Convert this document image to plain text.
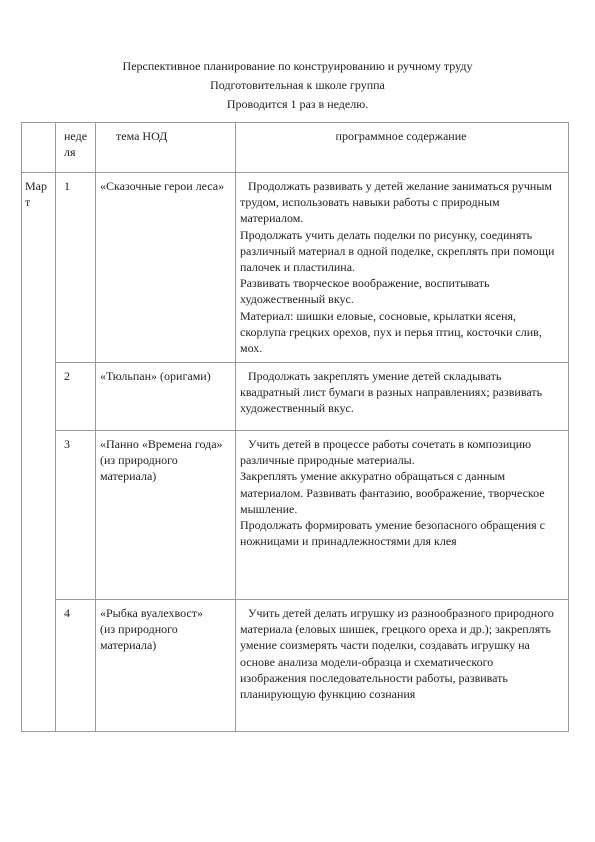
Перспективное планирование по конструированию и ручному труду
Подготовительная к школе группа
Проводится 1 раз в неделю.
	неде ля	тема НОД	программное содержание
Мар т	1	«Сказочные герои леса»	Продолжать развивать у детей желание заниматься ручным трудом, использовать навыки работы с природным материалом.
Продолжать учить делать поделки по рисунку, соединять различный материал в одной поделке, скреплять при помощи палочек и пластилина.
Развивать творческое воображение, воспитывать художественный вкус.
Материал: шишки еловые, сосновые, крылатки ясеня, скорлупа грецких орехов, пух и перья птиц, косточки слив, мох.

	2	«Тюльпан» (оригами)	Продолжать закреплять умение детей складывать квадратный лист бумаги в разных направлениях; развивать художественный вкус.

	3	«Панно «Времена года»
(из природного материала)	Учить детей в процессе работы сочетать в композицию различные природные материалы.
Закреплять умение аккуратно обращаться с данным материалом. Развивать фантазию, воображение, творческое мышление.
Продолжать формировать умение безопасного обращения с ножницами и принадлежностями для клея

	4	«Рыбка вуалехвост»
(из природного материала)	Учить детей делать игрушку из разнообразного природного материала (еловых шишек, грецкого ореха и др.); закреплять умение соизмерять части поделки, создавать игрушку на основе анализа модели-образца и схематического изображения последовательности работы, развивать планирующую функцию сознания
